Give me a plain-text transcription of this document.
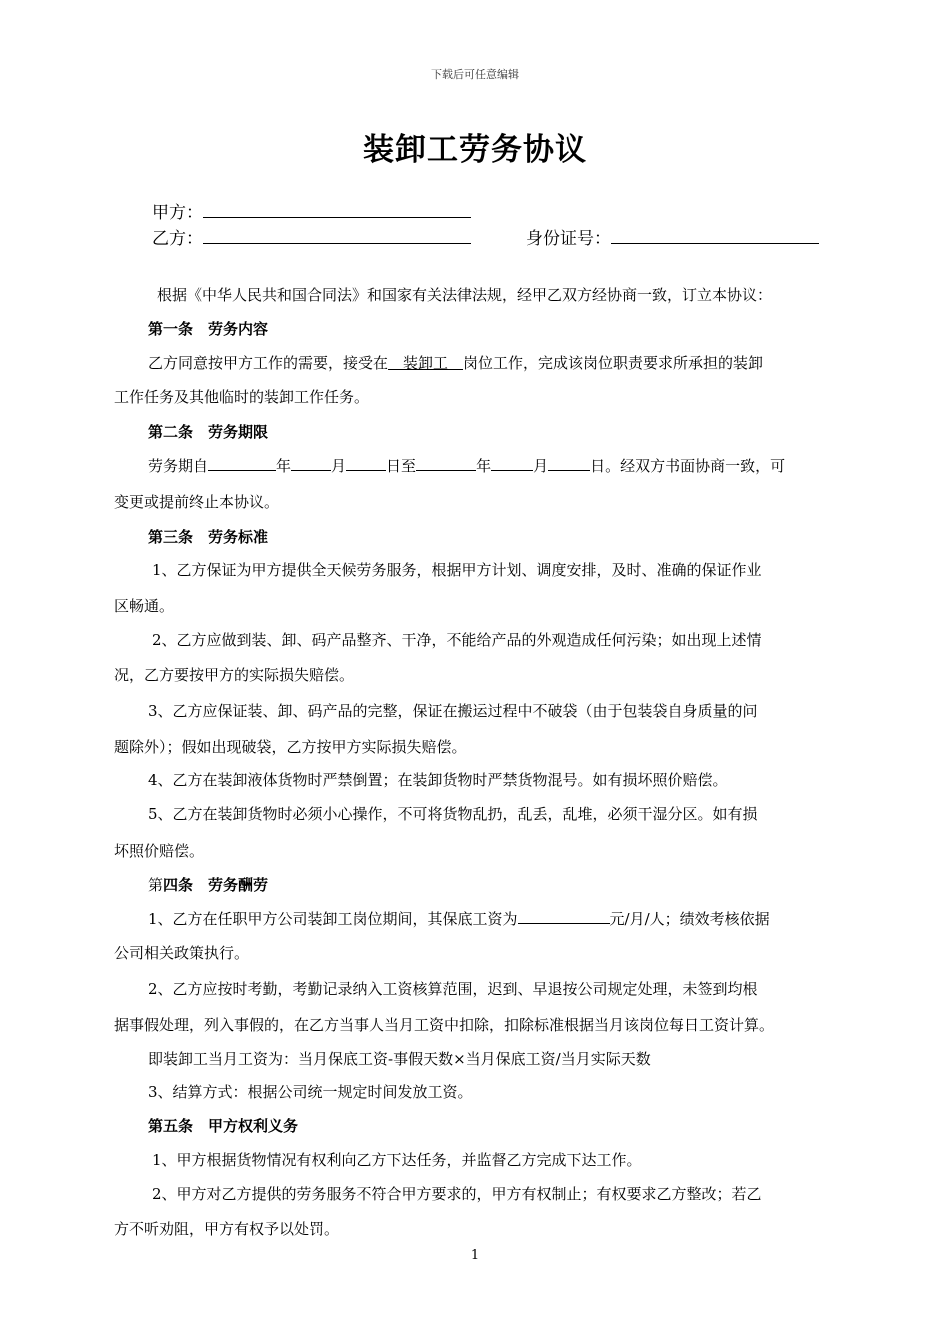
下载后可任意编辑
装卸工劳务协议
甲方：
乙方：	身份证号：
根据《中华人民共和国合同法》和国家有关法律法规，经甲乙双方经协商一致，订立本协议：
第一条　劳务内容
乙方同意按甲方工作的需要，接受在　装卸工　岗位工作，完成该岗位职责要求所承担的装卸
工作任务及其他临时的装卸工作任务。
第二条　劳务期限
劳务期自	年	月	日至	年	月	日。经双方书面协商一致，可
变更或提前终止本协议。
第三条　劳务标准
1、乙方保证为甲方提供全天候劳务服务，根据甲方计划、调度安排，及时、准确的保证作业
区畅通。
2、乙方应做到装、卸、码产品整齐、干净，不能给产品的外观造成任何污染；如出现上述情
况，乙方要按甲方的实际损失赔偿。
3、乙方应保证装、卸、码产品的完整，保证在搬运过程中不破袋（由于包装袋自身质量的问
题除外）；假如出现破袋，乙方按甲方实际损失赔偿。
4、乙方在装卸液体货物时严禁倒置；在装卸货物时严禁货物混号。如有损坏照价赔偿。
5、乙方在装卸货物时必须小心操作，不可将货物乱扔，乱丢，乱堆，必须干湿分区。如有损
坏照价赔偿。
第四条　劳务酬劳
1、乙方在任职甲方公司装卸工岗位期间，其保底工资为	元/月/人；绩效考核依据
公司相关政策执行。
2、乙方应按时考勤，考勤记录纳入工资核算范围，迟到、早退按公司规定处理，未签到均根
据事假处理，列入事假的，在乙方当事人当月工资中扣除，扣除标准根据当月该岗位每日工资计算。
即装卸工当月工资为：当月保底工资-事假天数×当月保底工资/当月实际天数
3、结算方式：根据公司统一规定时间发放工资。
第五条　甲方权利义务
1、甲方根据货物情况有权利向乙方下达任务，并监督乙方完成下达工作。
2、甲方对乙方提供的劳务服务不符合甲方要求的，甲方有权制止；有权要求乙方整改；若乙
方不听劝阻，甲方有权予以处罚。
1
